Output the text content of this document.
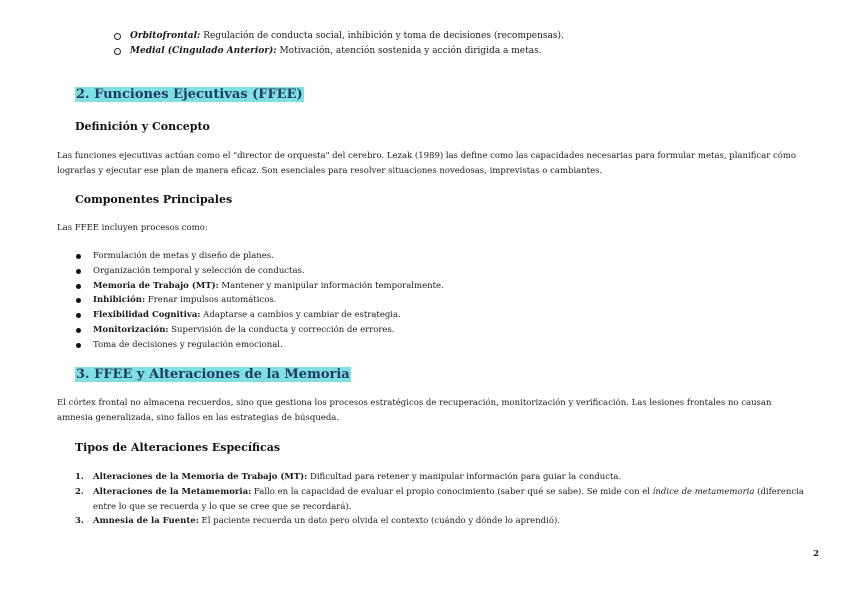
Orbitofrontal: Regulación de conducta social, inhibición y toma de decisiones (recompensas).
Medial (Cingulado Anterior): Motivación, atención sostenida y acción dirigida a metas.
2. Funciones Ejecutivas (FFEE)
Definición y Concepto

Las funciones ejecutivas actúan como el "director de orquesta" del cerebro. Lezak (1989) las define como las capacidades necesarias para formular metas, planificar cómo lograrlas y ejecutar ese plan de manera eficaz. Son esenciales para resolver situaciones novedosas, imprevistas o cambiantes.

Componentes Principales

Las FFEE incluyen procesos como:

Formulación de metas y diseño de planes.
Organización temporal y selección de conductas.
Memoria de Trabajo (MT): Mantener y manipular información temporalmente.
Inhibición: Frenar impulsos automáticos.
Flexibilidad Cognitiva: Adaptarse a cambios y cambiar de estrategia.
Monitorización: Supervisión de la conducta y corrección de errores.
Toma de decisiones y regulación emocional.
3. FFEE y Alteraciones de la Memoria

El córtex frontal no almacena recuerdos, sino que gestiona los procesos estratégicos de recuperación, monitorización y verificación. Las lesiones frontales no causan amnesia generalizada, sino fallos en las estrategias de búsqueda.

Tipos de Alteraciones Específicas
1. Alteraciones de la Memoria de Trabajo (MT): Dificultad para retener y manipular información para guiar la conducta.
2. Alteraciones de la Metamemoria: Fallo en la capacidad de evaluar el propio conocimiento (saber qué se sabe). Se mide con el índice de metamemoria (diferencia entre lo que se recuerda y lo que se cree que se recordará).
3. Amnesia de la Fuente: El paciente recuerda un dato pero olvida el contexto (cuándo y dónde lo aprendió).
2
